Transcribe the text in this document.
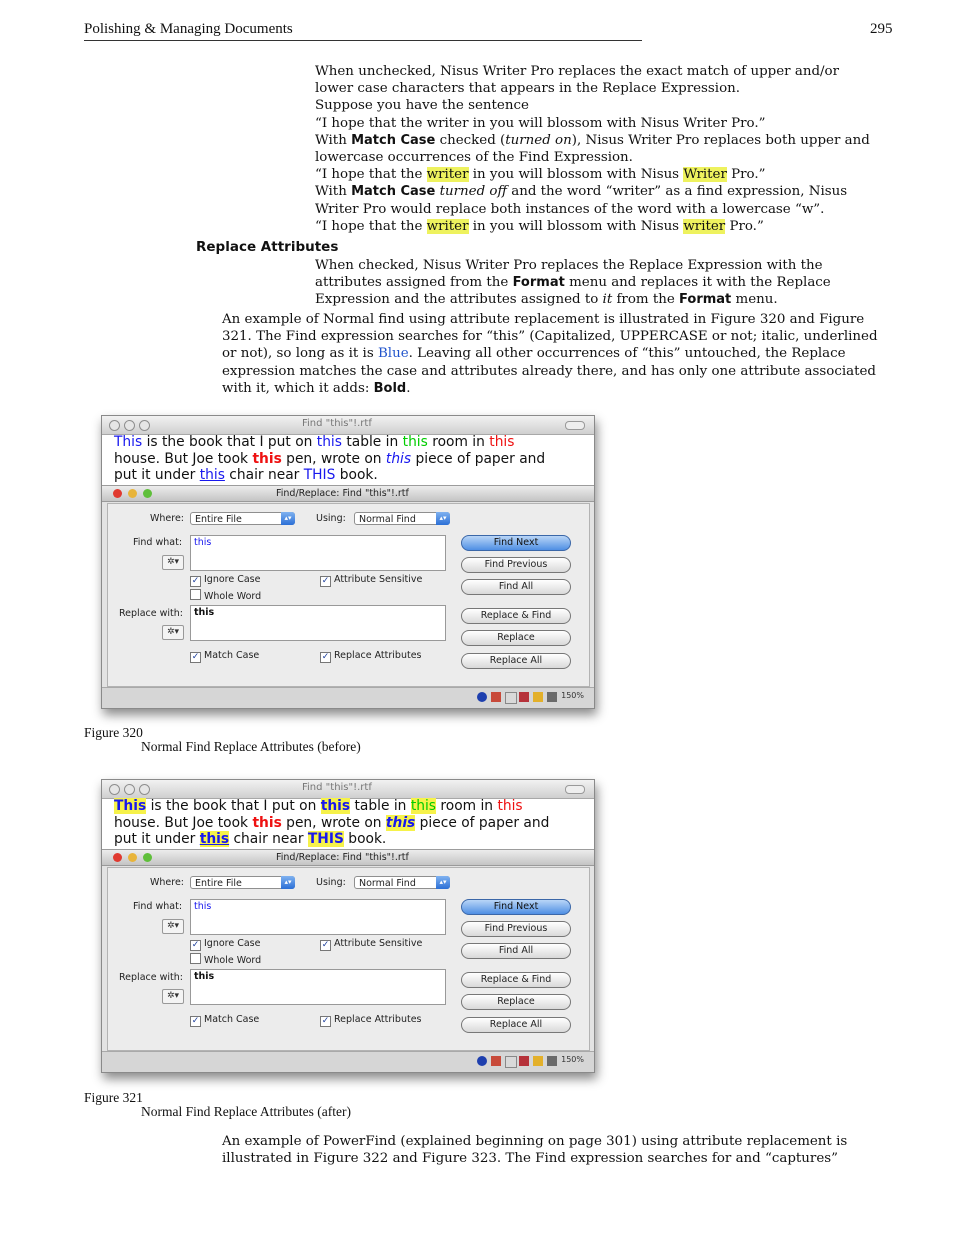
Polishing & Managing Documents	295
When unchecked, Nisus Writer Pro replaces the exact match of upper and/or
lower case characters that appears in the Replace Expression.
Suppose you have the sentence
“I hope that the writer in you will blossom with Nisus Writer Pro.”
With Match Case checked (turned on), Nisus Writer Pro replaces both upper and
lowercase occurrences of the Find Expression.
“I hope that the writer in you will blossom with Nisus Writer Pro.”
With Match Case turned off and the word “writer” as a find expression, Nisus
Writer Pro would replace both instances of the word with a lowercase “w”.
“I hope that the writer in you will blossom with Nisus writer Pro.”
Replace Attributes
When checked, Nisus Writer Pro replaces the Replace Expression with the
attributes assigned from the Format menu and replaces it with the Replace
Expression and the attributes assigned to it from the Format menu.
An example of Normal find using attribute replacement is illustrated in Figure 320 and Figure
321. The Find expression searches for “this” (Capitalized, UPPERCASE or not; italic, underlined
or not), so long as it is Blue. Leaving all other occurrences of “this” untouched, the Replace
expression matches the case and attributes already there, and has only one attribute associated
with it, which it adds: Bold.
Find "this"!.rtf
This is the book that I put on this table in this room in this
house. But Joe took this pen, wrote on this piece of paper and
put it under this chair near THIS book.
Find/Replace: Find "this"!.rtf
Where:	Entire File	▴▾	Using:	Normal Find	▴▾
Find what:	this
✲▾
✓ Ignore Case
Whole Word
✓ Attribute Sensitive
Replace with:	this
✲▾
✓ Match Case	✓ Replace Attributes
Find Next
Find Previous
Find All
Replace & Find
Replace
Replace All
150%
Figure 320
Normal Find Replace Attributes (before)
Find "this"!.rtf
This is the book that I put on this table in this room in this
house. But Joe took this pen, wrote on this piece of paper and
put it under this chair near THIS book.
Find/Replace: Find "this"!.rtf
Where:	Entire File	▴▾	Using:	Normal Find	▴▾
Find what:	this
✲▾
✓ Ignore Case
Whole Word
✓ Attribute Sensitive
Replace with:	this
✲▾
✓ Match Case	✓ Replace Attributes
Find Next
Find Previous
Find All
Replace & Find
Replace
Replace All
150%
Figure 321
Normal Find Replace Attributes (after)
An example of PowerFind (explained beginning on page 301) using attribute replacement is
illustrated in Figure 322 and Figure 323. The Find expression searches for and “captures”
